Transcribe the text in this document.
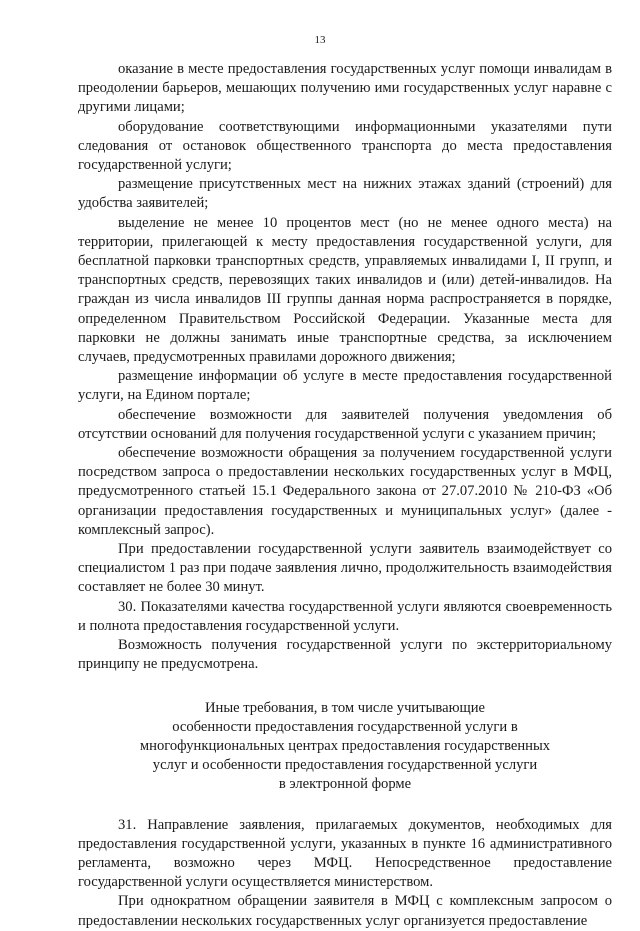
13

оказание в месте предоставления государственных услуг помощи инвалидам в преодолении барьеров, мешающих получению ими государственных услуг наравне с другими лицами;

оборудование соответствующими информационными указателями пути следования от остановок общественного транспорта до места предоставления государственной услуги;

размещение присутственных мест на нижних этажах зданий (строений) для удобства заявителей;

выделение не менее 10 процентов мест (но не менее одного места) на территории, прилегающей к месту предоставления государственной услуги, для бесплатной парковки транспортных средств, управляемых инвалидами I, II групп, и транспортных средств, перевозящих таких инвалидов и (или) детей-инвалидов. На граждан из числа инвалидов III группы данная норма распространяется в порядке, определенном Правительством Российской Федерации. Указанные места для парковки не должны занимать иные транспортные средства, за исключением случаев, предусмотренных правилами дорожного движения;

размещение информации об услуге в месте предоставления государственной услуги, на Едином портале;

обеспечение возможности для заявителей получения уведомления об отсутствии оснований для получения государственной услуги с указанием причин;

обеспечение возможности обращения за получением государственной услуги посредством запроса о предоставлении нескольких государственных услуг в МФЦ, предусмотренного статьей 15.1 Федерального закона от 27.07.2010 № 210-ФЗ «Об организации предоставления государственных и муниципальных услуг» (далее - комплексный запрос).

При предоставлении государственной услуги заявитель взаимодействует со специалистом 1 раз при подаче заявления лично, продолжительность взаимодействия составляет не более 30 минут.

30. Показателями качества государственной услуги являются своевременность и полнота предоставления государственной услуги.

Возможность получения государственной услуги по экстерриториальному принципу не предусмотрена.

Иные требования, в том числе учитывающие
особенности предоставления государственной услуги в
многофункциональных центрах предоставления государственных
услуг и особенности предоставления государственной услуги
в электронной форме

31. Направление заявления, прилагаемых документов, необходимых для предоставления государственной услуги, указанных в пункте 16 административного регламента, возможно через МФЦ. Непосредственное предоставление государственной услуги осуществляется министерством.

При однократном обращении заявителя в МФЦ с комплексным запросом о предоставлении нескольких государственных услуг организуется предоставление
